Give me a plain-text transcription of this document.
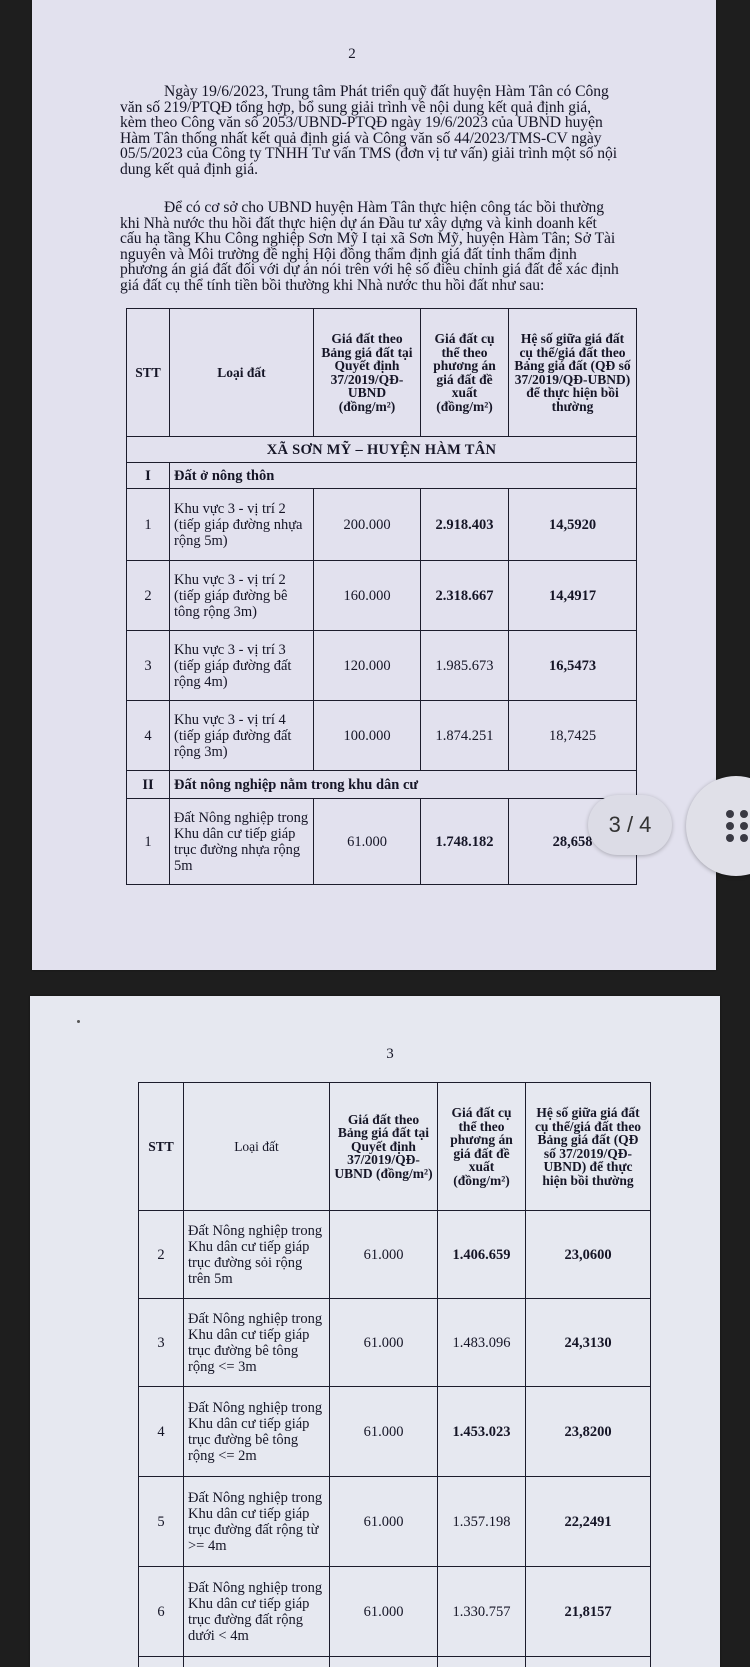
2
Ngày 19/6/2023, Trung tâm Phát triển quỹ đất huyện Hàm Tân có Công
văn số 219/PTQĐ tổng hợp, bổ sung giải trình về nội dung kết quả định giá,
kèm theo Công văn số 2053/UBND-PTQĐ ngày 19/6/2023 của UBND huyện
Hàm Tân thống nhất kết quả định giá và Công văn số 44/2023/TMS-CV ngày
05/5/2023 của Công ty TNHH Tư vấn TMS (đơn vị tư vấn) giải trình một số nội
dung kết quả định giá.
Để có cơ sở cho UBND huyện Hàm Tân thực hiện công tác bồi thường
khi Nhà nước thu hồi đất thực hiện dự án Đầu tư xây dựng và kinh doanh kết
cấu hạ tầng Khu Công nghiệp Sơn Mỹ I tại xã Sơn Mỹ, huyện Hàm Tân; Sở Tài
nguyên và Môi trường đề nghị Hội đồng thẩm định giá đất tỉnh thẩm định
phương án giá đất đối với dự án nói trên với hệ số điều chỉnh giá đất để xác định
giá đất cụ thể tính tiền bồi thường khi Nhà nước thu hồi đất như sau:
STT	Loại đất	Giá đất theo Bảng giá đất tại Quyết định 37/2019/QĐ-UBND (đồng/m²)	Giá đất cụ thể theo phương án giá đất đề xuất (đồng/m²)	Hệ số giữa giá đất cụ thể/giá đất theo Bảng giá đất (QĐ số 37/2019/QĐ-UBND) để thực hiện bồi thường
XÃ SƠN MỸ – HUYỆN HÀM TÂN				
I	Đất ở nông thôn			
1	Khu vực 3 - vị trí 2 (tiếp giáp đường nhựa rộng 5m)	200.000	2.918.403	14,5920
2	Khu vực 3 - vị trí 2 (tiếp giáp đường bê tông rộng 3m)	160.000	2.318.667	14,4917
3	Khu vực 3 - vị trí 3 (tiếp giáp đường đất rộng 4m)	120.000	1.985.673	16,5473
4	Khu vực 3 - vị trí 4 (tiếp giáp đường đất rộng 3m)	100.000	1.874.251	18,7425
II	Đất nông nghiệp nằm trong khu dân cư			
1	Đất Nông nghiệp trong Khu dân cư tiếp giáp trục đường nhựa rộng 5m	61.000	1.748.182	28,658
3
STT	Loại đất	Giá đất theo Bảng giá đất tại Quyết định 37/2019/QĐ-UBND (đồng/m²)	Giá đất cụ thể theo phương án giá đất đề xuất (đồng/m²)	Hệ số giữa giá đất cụ thể/giá đất theo Bảng giá đất (QĐ số 37/2019/QĐ-UBND) để thực hiện bồi thường
2	Đất Nông nghiệp trong Khu dân cư tiếp giáp trục đường sỏi rộng trên 5m	61.000	1.406.659	23,0600
3	Đất Nông nghiệp trong Khu dân cư tiếp giáp trục đường bê tông rộng <= 3m	61.000	1.483.096	24,3130
4	Đất Nông nghiệp trong Khu dân cư tiếp giáp trục đường bê tông rộng <= 2m	61.000	1.453.023	23,8200
5	Đất Nông nghiệp trong Khu dân cư tiếp giáp trục đường đất rộng từ >= 4m	61.000	1.357.198	22,2491
6	Đất Nông nghiệp trong Khu dân cư tiếp giáp trục đường đất rộng dưới < 4m	61.000	1.330.757	21,8157

3 / 4
